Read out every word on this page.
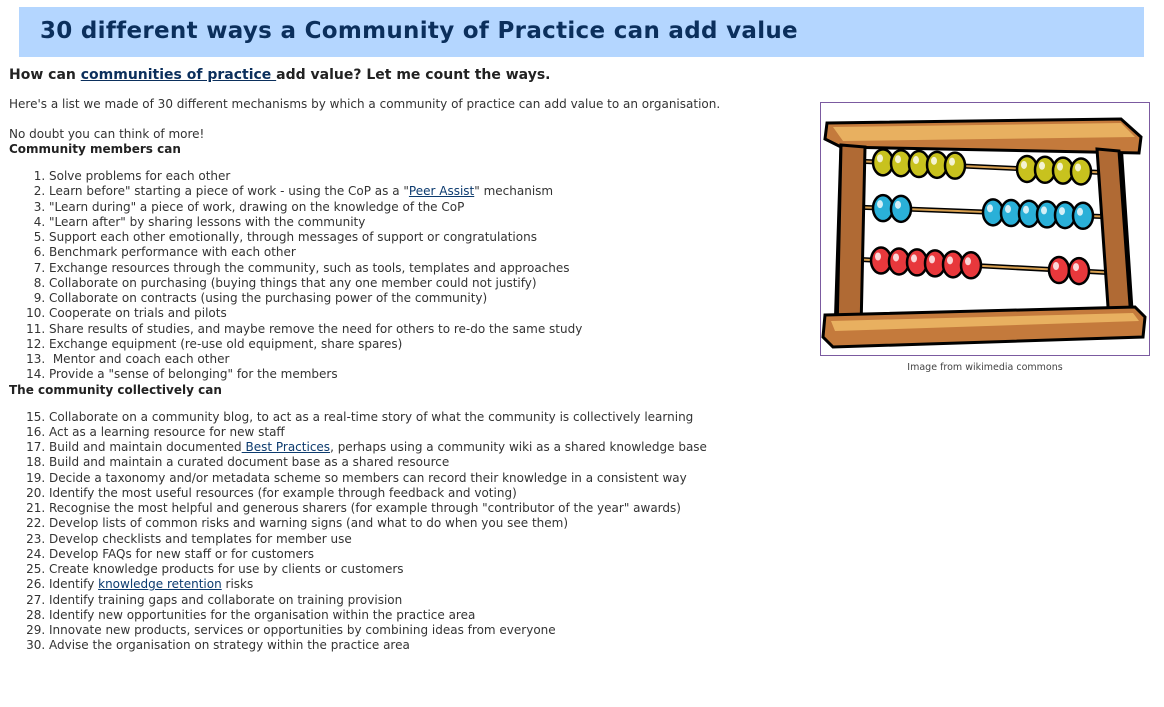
30 different ways a Community of Practice can add value
How can communities of practice add value? Let me count the ways.

Here's a list we made of 30 different mechanisms by which a community of practice can add value to an organisation.

No doubt you can think of more!

Community members can
1. Solve problems for each other
2. Learn before" starting a piece of work - using the CoP as a "Peer Assist" mechanism
3. "Learn during" a piece of work, drawing on the knowledge of the CoP
4. "Learn after" by sharing lessons with the community
5. Support each other emotionally, through messages of support or congratulations
6. Benchmark performance with each other
7. Exchange resources through the community, such as tools, templates and approaches
8. Collaborate on purchasing (buying things that any one member could not justify)
9. Collaborate on contracts (using the purchasing power of the community)
10. Cooperate on trials and pilots
11. Share results of studies, and maybe remove the need for others to re-do the same study
12. Exchange equipment (re-use old equipment, share spares)
13.  Mentor and coach each other
14. Provide a "sense of belonging" for the members
The community collectively can
15. Collaborate on a community blog, to act as a real-time story of what the community is collectively learning
16. Act as a learning resource for new staff
17. Build and maintain documented Best Practices, perhaps using a community wiki as a shared knowledge base
18. Build and maintain a curated document base as a shared resource
19. Decide a taxonomy and/or metadata scheme so members can record their knowledge in a consistent way
20. Identify the most useful resources (for example through feedback and voting)
21. Recognise the most helpful and generous sharers (for example through "contributor of the year" awards)
22. Develop lists of common risks and warning signs (and what to do when you see them)
23. Develop checklists and templates for member use
24. Develop FAQs for new staff or for customers
25. Create knowledge products for use by clients or customers
26. Identify knowledge retention risks
27. Identify training gaps and collaborate on training provision
28. Identify new opportunities for the organisation within the practice area
29. Innovate new products, services or opportunities by combining ideas from everyone
30. Advise the organisation on strategy within the practice area
Image from wikimedia commons
